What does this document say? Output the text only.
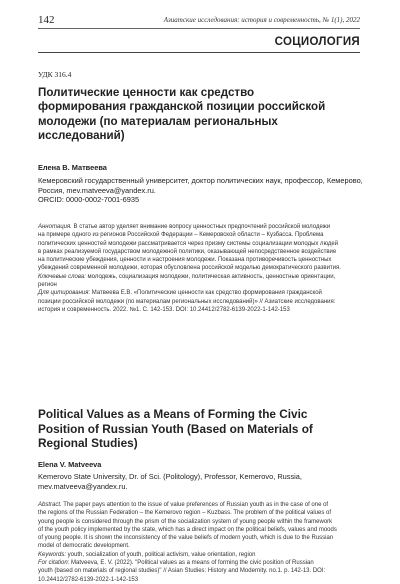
142	Азиатские исследования: история и современность, № 1(1), 2022
СОЦИОЛОГИЯ
УДК 316.4
Политические ценности как средство
формирования гражданской позиции российской
молодежи (по материалам региональных
исследований)
Елена В. Матвеева
Кемеровский государственный университет, доктор политических наук, профессор, Кемерово,
Россия, mev.matveeva@yandex.ru.
ORCID: 0000-0002-7001-6935
Аннотация. В статье автор уделяет внимание вопросу ценностных предпочтений российской молодежи
на примере одного из регионов Российской Федерации – Кемеровской области – Кузбасса. Проблема
политических ценностей молодежи рассматривается через призму системы социализации молодых людей
в рамках реализуемой государством молодежной политики, оказывающей непосредственное воздействие
на политические убеждения, ценности и настроения молодежи. Показана противоречивость ценностных
убеждений современной молодежи, которая обусловлена российской моделью демократического развития.
Ключевые слова: молодежь, социализация молодежи, политическая активность, ценностные ориентации,
регион
Для цитирования: Матвеева Е.В. «Политические ценности как средство формирования гражданской
позиции российской молодежи (по материалам региональных исследований)» // Азиатские исследования:
история и современность. 2022. №1. С. 142-153. DOI: 10.24412/2782-6139-2022-1-142-153
Political Values as a Means of Forming the Civic
Position of Russian Youth (Based on Materials of
Regional Studies)
Elena V. Matveeva
Kemerovo State University, Dr. of Sci. (Politology), Professor, Kemerovo, Russia,
mev.matveeva@yandex.ru.
Abstract. The paper pays attention to the issue of value preferences of Russian youth as in the case of one of
the regions of the Russian Federation – the Kemerovo region – Kuzbass. The problem of the political values of
young people is considered through the prism of the socialization system of young people within the framework
of the youth policy implemented by the state, which has a direct impact on the political beliefs, values and moods
of young people. It is shown the inconsistency of the value beliefs of modern youth, which is due to the Russian
model of democratic development.
Keywords: youth, socialization of youth, political activism, value orientation, region
For citation: Matveeva, E. V. (2022). "Political values as a means of forming the civic position of Russian
youth (based on materials of regional studies)" // Asian Studies: History and Modernity. no.1. p. 142-13. DOI:
10.24412/2782-6139-2022-1-142-153
